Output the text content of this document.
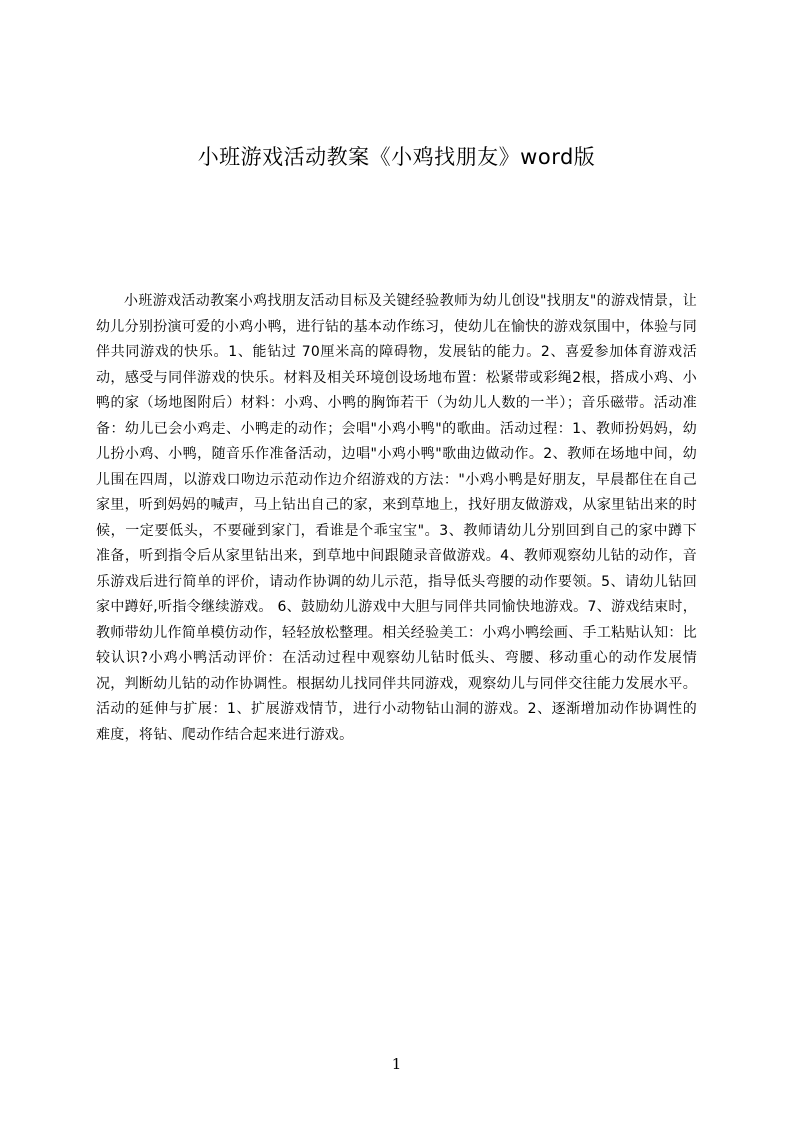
小班游戏活动教案《小鸡找朋友》word版

小班游戏活动教案小鸡找朋友活动目标及关键经验教师为幼儿创设"找朋友"的游戏情景，让幼儿分别扮演可爱的小鸡小鸭，进行钻的基本动作练习，使幼儿在愉快的游戏氛围中，体验与同伴共同游戏的快乐。1、能钻过 70厘米高的障碍物，发展钻的能力。2、喜爱参加体育游戏活动，感受与同伴游戏的快乐。材料及相关环境创设场地布置：松紧带或彩绳2根，搭成小鸡、小鸭的家（场地图附后）材料：小鸡、小鸭的胸饰若干（为幼儿人数的一半）；音乐磁带。活动准备：幼儿已会小鸡走、小鸭走的动作；会唱"小鸡小鸭"的歌曲。活动过程：1、教师扮妈妈，幼儿扮小鸡、小鸭，随音乐作准备活动，边唱"小鸡小鸭"歌曲边做动作。2、教师在场地中间，幼儿围在四周，以游戏口吻边示范动作边介绍游戏的方法："小鸡小鸭是好朋友，早晨都住在自己家里，听到妈妈的喊声，马上钻出自己的家，来到草地上，找好朋友做游戏，从家里钻出来的时候，一定要低头，不要碰到家门，看谁是个乖宝宝"。3、教师请幼儿分别回到自己的家中蹲下准备，听到指令后从家里钻出来，到草地中间跟随录音做游戏。4、教师观察幼儿钻的动作，音乐游戏后进行简单的评价，请动作协调的幼儿示范，指导低头弯腰的动作要领。5、请幼儿钻回家中蹲好,听指令继续游戏。 6、鼓励幼儿游戏中大胆与同伴共同愉快地游戏。7、游戏结束时，教师带幼儿作简单模仿动作，轻轻放松整理。相关经验美工：小鸡小鸭绘画、手工粘贴认知：比较认识?小鸡小鸭活动评价：在活动过程中观察幼儿钻时低头、弯腰、移动重心的动作发展情况，判断幼儿钻的动作协调性。根据幼儿找同伴共同游戏，观察幼儿与同伴交往能力发展水平。活动的延伸与扩展：1、扩展游戏情节，进行小动物钻山洞的游戏。2、逐渐增加动作协调性的难度，将钻、爬动作结合起来进行游戏。

1
